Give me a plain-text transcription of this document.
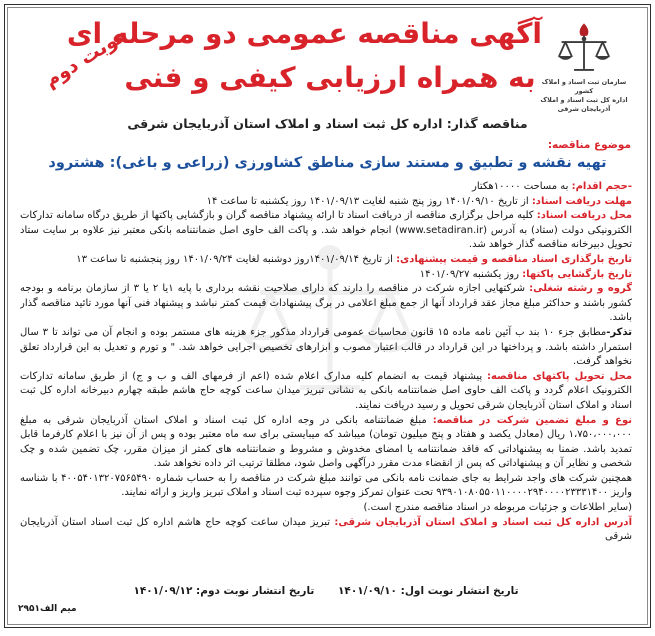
سازمان ثبت اسناد و املاک کشور
اداره کل ثبت اسناد و املاک آذربایجان شرقی
نوبت دوم
آگهی مناقصه عمومی دو مرحله ای
به همراه ارزیابی کیفی و فنی
مناقصه گذار: اداره کل ثبت اسناد و املاک استان آذربایجان شرقی
موضوع مناقصه:
تهیه نقشه و تطبیق و مستند سازی مناطق کشاورزی (زراعی و باغی): هشترود

-حجم اقدام: به مساحت ۱۰۰۰۰هکتار

مهلت دریافت اسناد: از تاریخ ۱۴۰۱/۰۹/۱۰ روز پنج شنبه لغایت ۱۴۰۱/۰۹/۱۳ روز یکشنبه تا ساعت ۱۴

محل دریافت اسناد: کلیه مراحل برگزاری مناقصه از دریافت اسناد تا ارائه پیشنهاد مناقصه گران و بازگشایی پاکتها از طریق درگاه سامانه تدارکات الکترونیکی دولت (ستاد) به آدرس (www.setadiran.ir) انجام خواهد شد. و پاکت الف حاوی اصل ضمانتنامه بانکی معتبر نیز علاوه بر سایت ستاد تحویل دبیرخانه مناقصه گذار خواهد شد.

تاریخ بارگذاری اسناد مناقصه و قیمت پیشنهادی: از تاریخ ۱۴۰۱/۰۹/۱۴روز دوشنبه لغایت ۱۴۰۱/۰۹/۲۴ روز پنجشنبه تا ساعت ۱۳

تاریخ بازگشایی پاکتها: روز یکشنبه ۱۴۰۱/۰۹/۲۷

گروه و رشته شغلی: شرکتهایی اجازه شرکت در مناقصه را دارند که دارای صلاحیت نقشه برداری با پایه ۱یا ۲ یا ۳ از سازمان برنامه و بودجه کشور باشند و حداکثر مبلغ مجاز عقد قرارداد آنها از جمع مبلغ اعلامی در برگ پیشنهادات قیمت کمتر نباشد و پیشنهاد فنی آنها مورد تائید مناقصه گذار باشد.

تذکر-مطابق جزء ۱۰ بند ب آئین نامه ماده ۱۵ قانون محاسبات عمومی قرارداد مذکور جزء هزینه های مستمر بوده و انجام آن می تواند تا ۳ سال استمرار داشته باشد. و پرداختها در این قرارداد در قالب اعتبار مصوب و ابزارهای تخصیص اجرایی خواهد شد. " و تورم و تعدیل به این قرارداد تعلق نخواهد گرفت.

محل تحویل پاکتهای مناقصه: پیشنهاد قیمت به انضمام کلیه مدارک اعلام شده (اعم از فرمهای الف و ب و ج) از طریق سامانه تدارکات الکترونیک اعلام گردد و پاکت الف حاوی اصل ضمانتنامه بانکی به نشانی تبریز میدان ساعت کوچه حاج هاشم طبقه چهارم دبیرخانه اداره کل ثبت اسناد و املاک استان آذربایجان شرقی تحویل و رسید دریافت نمایند.

نوع و مبلغ تضمین شرکت در مناقصه: مبلغ ضمانتنامه بانکی در وجه اداره کل ثبت اسناد و املاک استان آذربایجان شرقی به مبلغ ۱،۷۵۰،۰۰۰،۰۰۰ ریال (معادل یکصد و هفتاد و پنج میلیون تومان) میباشد که میبایستی برای سه ماه معتبر بوده و پس از آن نیز با اعلام کارفرما قابل تمدید باشد. ضمنا به پیشنهاداتی که فاقد ضمانتنامه یا امضای مخدوش و مشروط و ضمانتنامه های کمتر از میزان مقرر، چک تضمین شده و چک شخصی و نظایر آن و پیشنهاداتی که پس از انقضاء مدت مقرر درآگهی واصل شود، مطلقا ترتیب اثر داده نخواهد شد.

همچنین شرکت های واجد شرایط به جای ضمانت نامه بانکی می توانند مبلغ شرکت در مناقصه را به حساب شماره ۴۰۰۵۴۰۱۳۲۰۷۵۶۵۴۹۰ با شناسه واریز ۹۳۹۰۱۰۸۰۵۵۰۱۱۰۰۰۰۲۹۴۰۰۰۰۲۳۳۳۱۴۰۰ تحت عنوان تمرکز وجوه سپرده ثبت اسناد و املاک تبریز واریز و ارائه نمایند.

(سایر اطلاعات و جزئیات مربوطه در اسناد مناقصه مندرج است.)

آدرس اداره کل ثبت اسناد و املاک استان آذربایجان شرقی: تبریز میدان ساعت کوچه حاج هاشم اداره کل ثبت اسناد استان آذربایجان شرقی

تاریخ انتشار نوبت اول: ۱۴۰۱/۰۹/۱۰ تاریخ انتشار نوبت دوم: ۱۴۰۱/۰۹/۱۲
میم الف۲۹۵۱
